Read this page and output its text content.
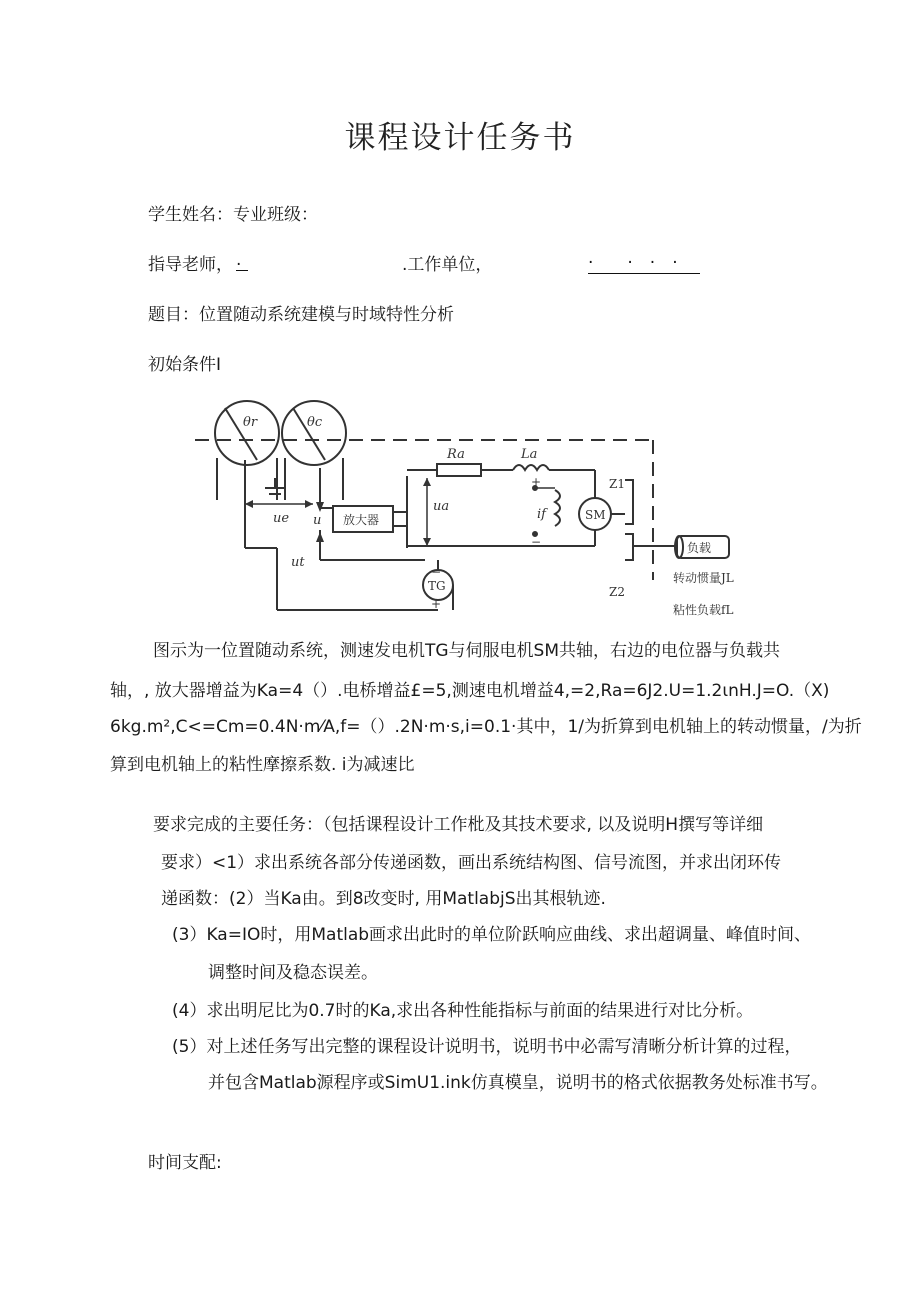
课程设计任务书
学生姓名：专业班级：
指导老师， .	.工作单位，	·　　·　·　·
题目：位置随动系统建模与时域特性分析
初始条件I
θr	θc
ue u
ua
ut
Ra	La
if
放大器	SM
TG
Z1
Z2
负载
转动惯量JL
粘性负载fL
−
+
+
−
图示为一位置随动系统，测速发电机TG与伺服电机SM共轴，右边的电位器与负载共
轴，, 放大器增益为Ka=4（）.电桥增益£=5,测速电机增益4,=2,Ra=6J2.U=1.2ιnH.J=O.（X)
6kg.m²,C<=Cm=0.4N·m⁄A,f=（）.2N·m·s,i=0.1·其中，1/为折算到电机轴上的转动惯量，/为折
算到电机轴上的粘性摩擦系数. i为减速比
要求完成的主要任务：（包括课程设计工作枇及其技术要求, 以及说明H撰写等详细
要求）<1）求出系统各部分传递函数，画出系统结构图、信号流图，并求出闭环传
递函数：(2）当Ka由。到8改变时, 用MatlabjS出其根轨迹.
(3）Ka=IO时，用Matlab画求出此时的单位阶跃响应曲线、求出超调量、峰值时间、
调整时间及稳态误差。
(4）求出明尼比为0.7时的Ka,求出各种性能指标与前面的结果进行对比分析。
(5）对上述任务写出完整的课程设计说明书，说明书中必需写清晰分析计算的过程，
并包含Matlab源程序或SimU1.ink仿真模皇，说明书的格式依据教务处标准书写。
时间支配:
